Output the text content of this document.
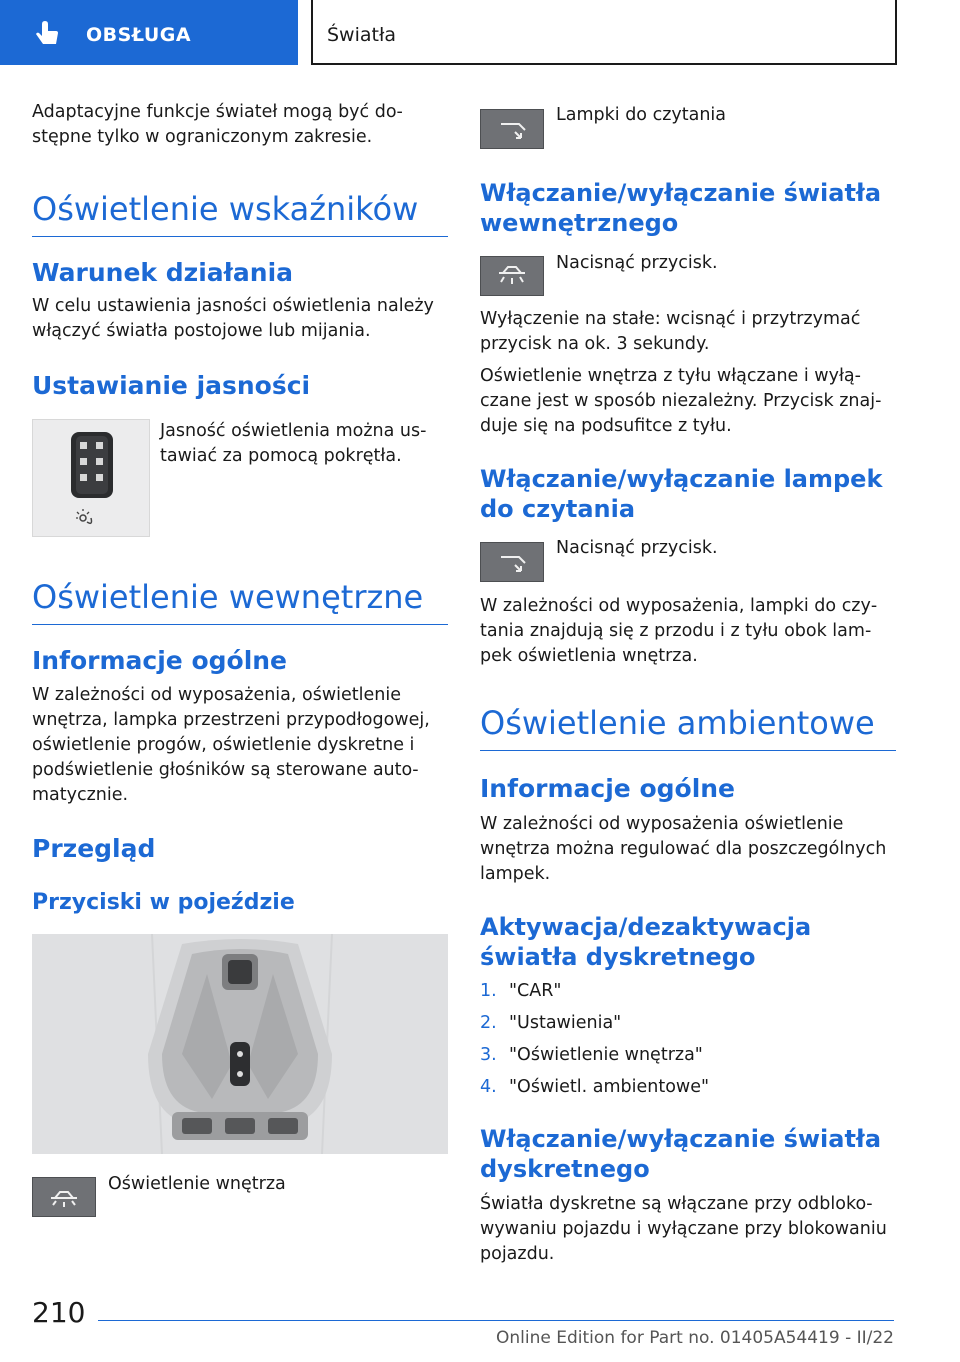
OBSŁUGA	Światła

Adaptacyjne funkcje świateł mogą być dostępne tylko w ograniczonym zakresie.

Oświetlenie wskaźników
Warunek działania

W celu ustawienia jasności oświetlenia należy włączyć światła postojowe lub mijania.

Ustawianie jasności

Jasność oświetlenia można ustawiać za pomocą pokrętła.

Oświetlenie wewnętrzne
Informacje ogólne

W zależności od wyposażenia, oświetlenie wnętrza, lampka przestrzeni przypodłogowej, oświetlenie progów, oświetlenie dyskretne i podświetlenie głośników są sterowane automatycznie.

Przegląd
Przyciski w pojeździe

Oświetlenie wnętrza

Lampki do czytania

Włączanie/wyłączanie światła wewnętrznego

Nacisnąć przycisk.

Wyłączenie na stałe: wcisnąć i przytrzymać przycisk na ok. 3 sekundy.

Oświetlenie wnętrza z tyłu włączane i wyłączane jest w sposób niezależny. Przycisk znajduje się na podsufitce z tyłu.

Włączanie/wyłączanie lampek do czytania

Nacisnąć przycisk.

W zależności od wyposażenia, lampki do czytania znajdują się z przodu i z tyłu obok lampek oświetlenia wnętrza.

Oświetlenie ambientowe
Informacje ogólne

W zależności od wyposażenia oświetlenie wnętrza można regulować dla poszczególnych lampek.

Aktywacja/dezaktywacja światła dyskretnego
1. "CAR"
2. "Ustawienia"
3. "Oświetlenie wnętrza"
4. "Oświetl. ambientowe"
Włączanie/wyłączanie światła dyskretnego

Światła dyskretne są włączane przy odblokowywaniu pojazdu i wyłączane przy blokowaniu pojazdu.

210
Online Edition for Part no. 01405A54419 - II/22
